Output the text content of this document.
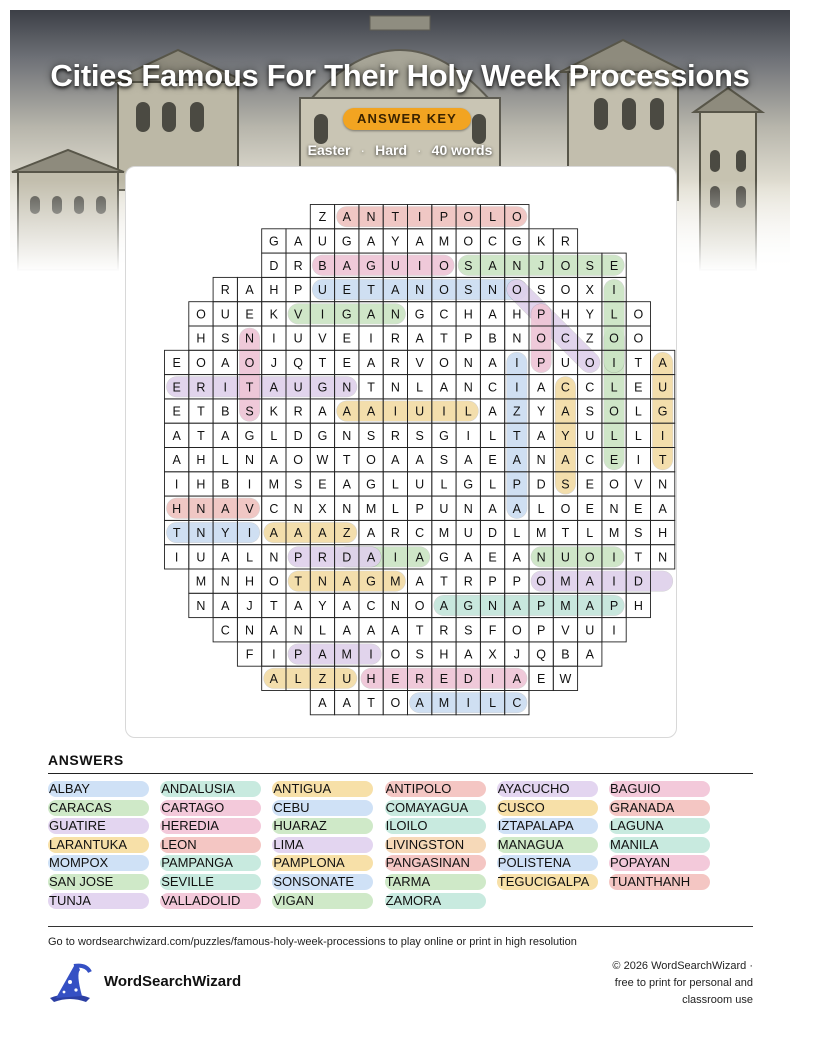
Cities Famous For Their Holy Week Processions
ANSWER KEY
Easter · Hard · 40 words
Z A N T I P O L O
G A U G A Y A M O C G K R
D R B A G U I O S A N J O S E
R A H P U E T A N O S N O S O X I
O U E K V I G A N G C H A H P H Y L O
H S N I U V E I R A T P B N O C Z O O
E O A O J Q T E A R V O N A I P U O I T A
E R I T A U G N T N L A N C I A C C L E U
E T B S K R A A A I U I L A Z Y A S O L G
A T A G L D G N S R S G I L T A Y U L L I
A H L N A O W T O A A S A E A N A C E I T
I H B I M S E A G L U L G L P D S E O V N
H N A V C N X N M L P U N A A L O E N E A
T N Y I A A A Z A R C M U D L M T L M S H
I U A L N P R D A I A G A E A N U O I T N
M N H O T N A G M A T R P P O M A I D
N A J T A Y A C N O A G N A P M A P H
C N A N L A A A T R S F O P V U I
F I P A M I O S H A X J Q B A
A L Z U H E R E D I A E W
A A T O A M I L C
ANSWERS
ALBAY	ANDALUSIA	ANTIGUA	ANTIPOLO	AYACUCHO	BAGUIO
CARACAS	CARTAGO	CEBU	COMAYAGUA	CUSCO	GRANADA
GUATIRE	HEREDIA	HUARAZ	ILOILO	IZTAPALAPA	LAGUNA
LARANTUKA	LEON	LIMA	LIVINGSTON	MANAGUA	MANILA
MOMPOX	PAMPANGA	PAMPLONA	PANGASINAN	POLISTENA	POPAYAN
SAN JOSE	SEVILLE	SONSONATE	TARMA	TEGUCIGALPA	TUANTHANH
TUNJA	VALLADOLID	VIGAN	ZAMORA
Go to wordsearchwizard.com/puzzles/famous-holy-week-processions to play online or print in high resolution
WordSearchWizard
© 2026 WordSearchWizard ·
free to print for personal and
classroom use
